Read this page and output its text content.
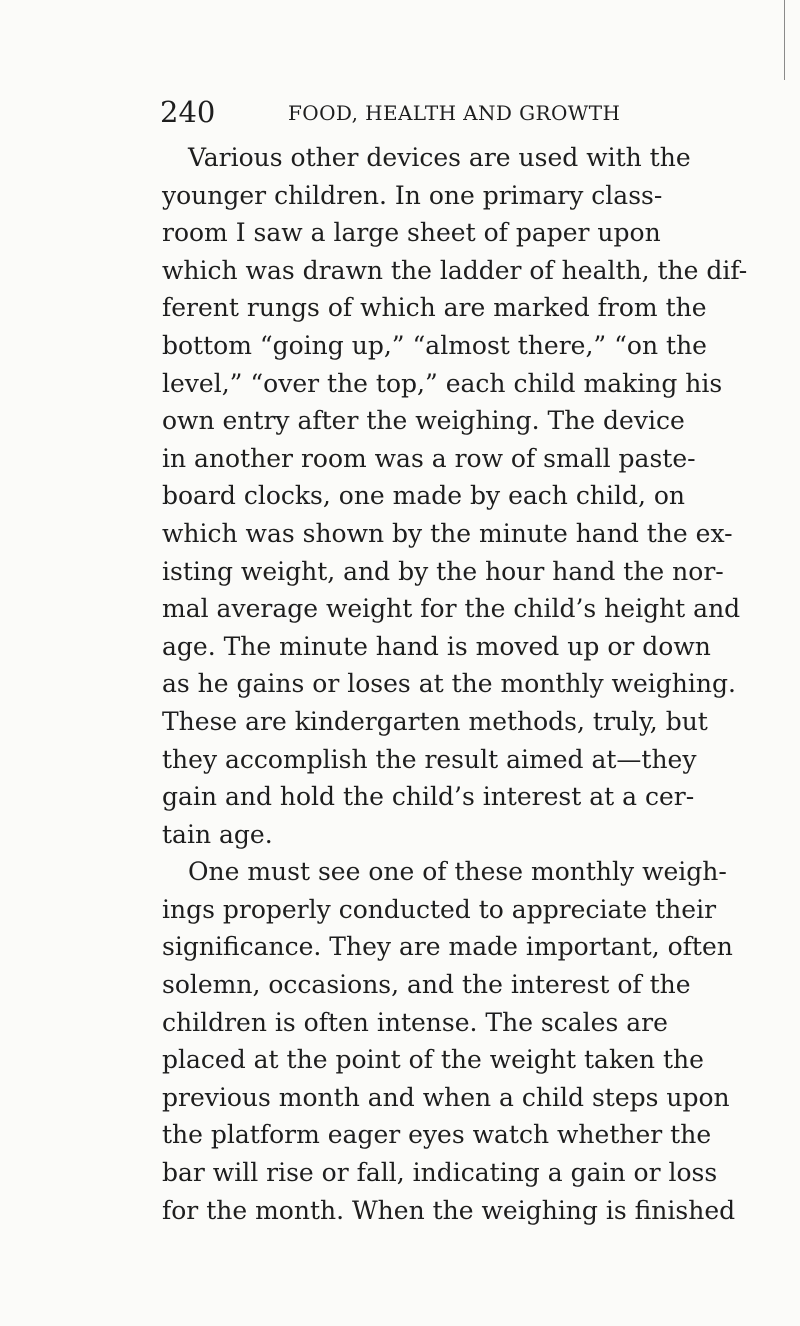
240	FOOD, HEALTH AND GROWTH
Various other devices are used with the
younger children. In one primary class-
room I saw a large sheet of paper upon
which was drawn the ladder of health, the dif-
ferent rungs of which are marked from the
bottom “going up,” “almost there,” “on the
level,” “over the top,” each child making his
own entry after the weighing. The device
in another room was a row of small paste-
board clocks, one made by each child, on
which was shown by the minute hand the ex-
isting weight, and by the hour hand the nor-
mal average weight for the child’s height and
age. The minute hand is moved up or down
as he gains or loses at the monthly weighing.
These are kindergarten methods, truly, but
they accomplish the result aimed at—they
gain and hold the child’s interest at a cer-
tain age.
One must see one of these monthly weigh-
ings properly conducted to appreciate their
significance. They are made important, often
solemn, occasions, and the interest of the
children is often intense. The scales are
placed at the point of the weight taken the
previous month and when a child steps upon
the platform eager eyes watch whether the
bar will rise or fall, indicating a gain or loss
for the month. When the weighing is finished
